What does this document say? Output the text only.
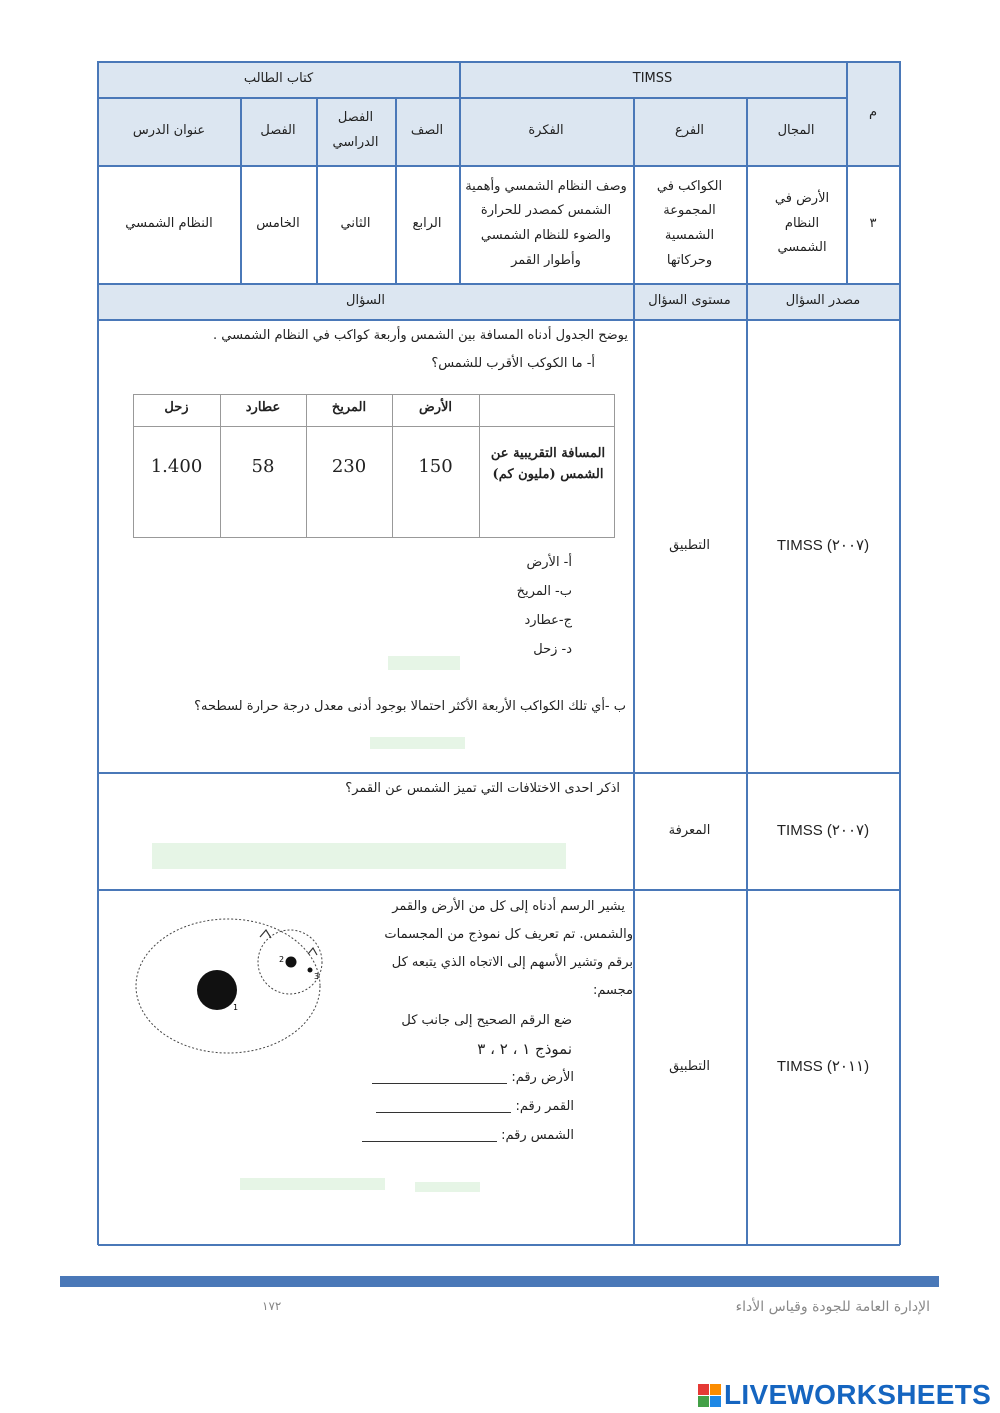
م
TIMSS
كتاب الطالب
المجال
الفرع
الفكرة
الصف
الفصل الدراسي
الفصل
عنوان الدرس
٣
الأرض في النظام الشمسي
الكواكب في المجموعة الشمسية وحركاتها
وصف النظام الشمسي وأهمية الشمس كمصدر للحرارة والضوء للنظام الشمسي وأطوار القمر
الرابع
الثاني
الخامس
النظام الشمسي
مصدر السؤال
مستوى السؤال
السؤال
TIMSS (٢٠٠٧)
التطبيق
TIMSS (٢٠٠٧)
المعرفة
TIMSS (٢٠١١)
التطبيق
يوضح الجدول أدناه المسافة بين الشمس وأربعة كواكب في النظام الشمسي .
أ- ما الكوكب الأقرب للشمس؟
الأرض
المريخ
عطارد
زحل
المسافة التقريبية عن الشمس (مليون كم)
150
230
58
1.400
أ- الأرض
ب- المريخ
ج-عطارد
د- زحل
ب -أي تلك الكواكب الأربعة الأكثر احتمالا بوجود أدنى معدل درجة حرارة لسطحه؟
اذكر احدى الاختلافات التي تميز الشمس عن القمر؟
يشير الرسم أدناه إلى كل من الأرض والقمر
والشمس. تم تعريف كل نموذج من المجسمات
برقم وتشير الأسهم إلى الاتجاه الذي يتبعه كل
مجسم:
ضع الرقم الصحيح إلى جانب كل
نموذج ١ ، ٢ ، ٣
الأرض رقم:
القمر رقم:
الشمس رقم:
1
2
3
١٧٢	الإدارة العامة للجودة وقياس الأداء
LIVEWORKSHEETS
